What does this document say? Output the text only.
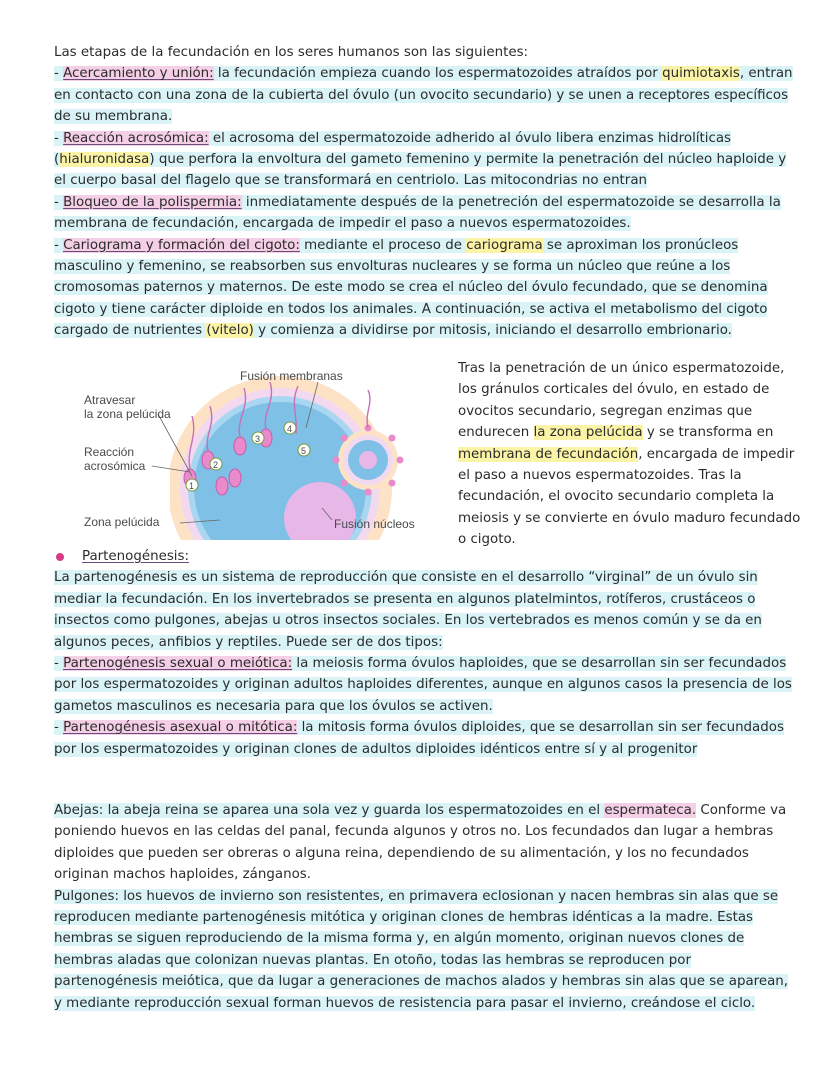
Las etapas de la fecundación en los seres humanos son las siguientes:

- Acercamiento y unión: la fecundación empieza cuando los espermatozoides atraídos por quimiotaxis, entran en contacto con una zona de la cubierta del óvulo (un ovocito secundario) y se unen a receptores específicos de su membrana.

- Reacción acrosómica: el acrosoma del espermatozoide adherido al óvulo libera enzimas hidrolíticas (hialuronidasa) que perfora la envoltura del gameto femenino y permite la penetración del núcleo haploide y el cuerpo basal del flagelo que se transformará en centriolo. Las mitocondrias no entran

- Bloqueo de la polispermia: inmediatamente después de la penetreción del espermatozoide se desarrolla la membrana de fecundación, encargada de impedir el paso a nuevos espermatozoides.

- Cariograma y formación del cigoto: mediante el proceso de cariograma se aproximan los pronúcleos masculino y femenino, se reabsorben sus envolturas nucleares y se forma un núcleo que reúne a los cromosomas paternos y maternos. De este modo se crea el núcleo del óvulo fecundado, que se denomina cigoto y tiene carácter diploide en todos los animales. A continuación, se activa el metabolismo del cigoto cargado de nutrientes (vitelo) y comienza a dividirse por mitosis, iniciando el desarrollo embrionario.

1
2
3
4
5
Fusión membranas
Atravesar
la zona pelúcida
Reacción
acrosómica
Zona pelúcida	Fusión núcleos

Tras la penetración de un único espermatozoide, los gránulos corticales del óvulo, en estado de ovocitos secundario, segregan enzimas que endurecen la zona pelúcida y se transforma en membrana de fecundación, encargada de impedir el paso a nuevos espermatozoides. Tras la fecundación, el ovocito secundario completa la meiosis y se convierte en óvulo maduro fecundado o cigoto.

Partenogénesis:

La partenogénesis es un sistema de reproducción que consiste en el desarrollo “virginal” de un óvulo sin mediar la fecundación. En los invertebrados se presenta en algunos platelmintos, rotíferos, crustáceos o insectos como pulgones, abejas u otros insectos sociales. En los vertebrados es menos común y se da en algunos peces, anfibios y reptiles. Puede ser de dos tipos:

- Partenogénesis sexual o meiótica: la meiosis forma óvulos haploides, que se desarrollan sin ser fecundados por los espermatozoides y originan adultos haploides diferentes, aunque en algunos casos la presencia de los gametos masculinos es necesaria para que los óvulos se activen.

- Partenogénesis asexual o mitótica: la mitosis forma óvulos diploides, que se desarrollan sin ser fecundados por los espermatozoides y originan clones de adultos diploides idénticos entre sí y al progenitor

Abejas: la abeja reina se aparea una sola vez y guarda los espermatozoides en el espermateca. Conforme va poniendo huevos en las celdas del panal, fecunda algunos y otros no. Los fecundados dan lugar a hembras diploides que pueden ser obreras o alguna reina, dependiendo de su alimentación, y los no fecundados originan machos haploides, zánganos.

Pulgones: los huevos de invierno son resistentes, en primavera eclosionan y nacen hembras sin alas que se reproducen mediante partenogénesis mitótica y originan clones de hembras idénticas a la madre. Estas hembras se siguen reproduciendo de la misma forma y, en algún momento, originan nuevos clones de hembras aladas que colonizan nuevas plantas. En otoño, todas las hembras se reproducen por partenogénesis meiótica, que da lugar a generaciones de machos alados y hembras sin alas que se aparean, y mediante reproducción sexual forman huevos de resistencia para pasar el invierno, creándose el ciclo.
